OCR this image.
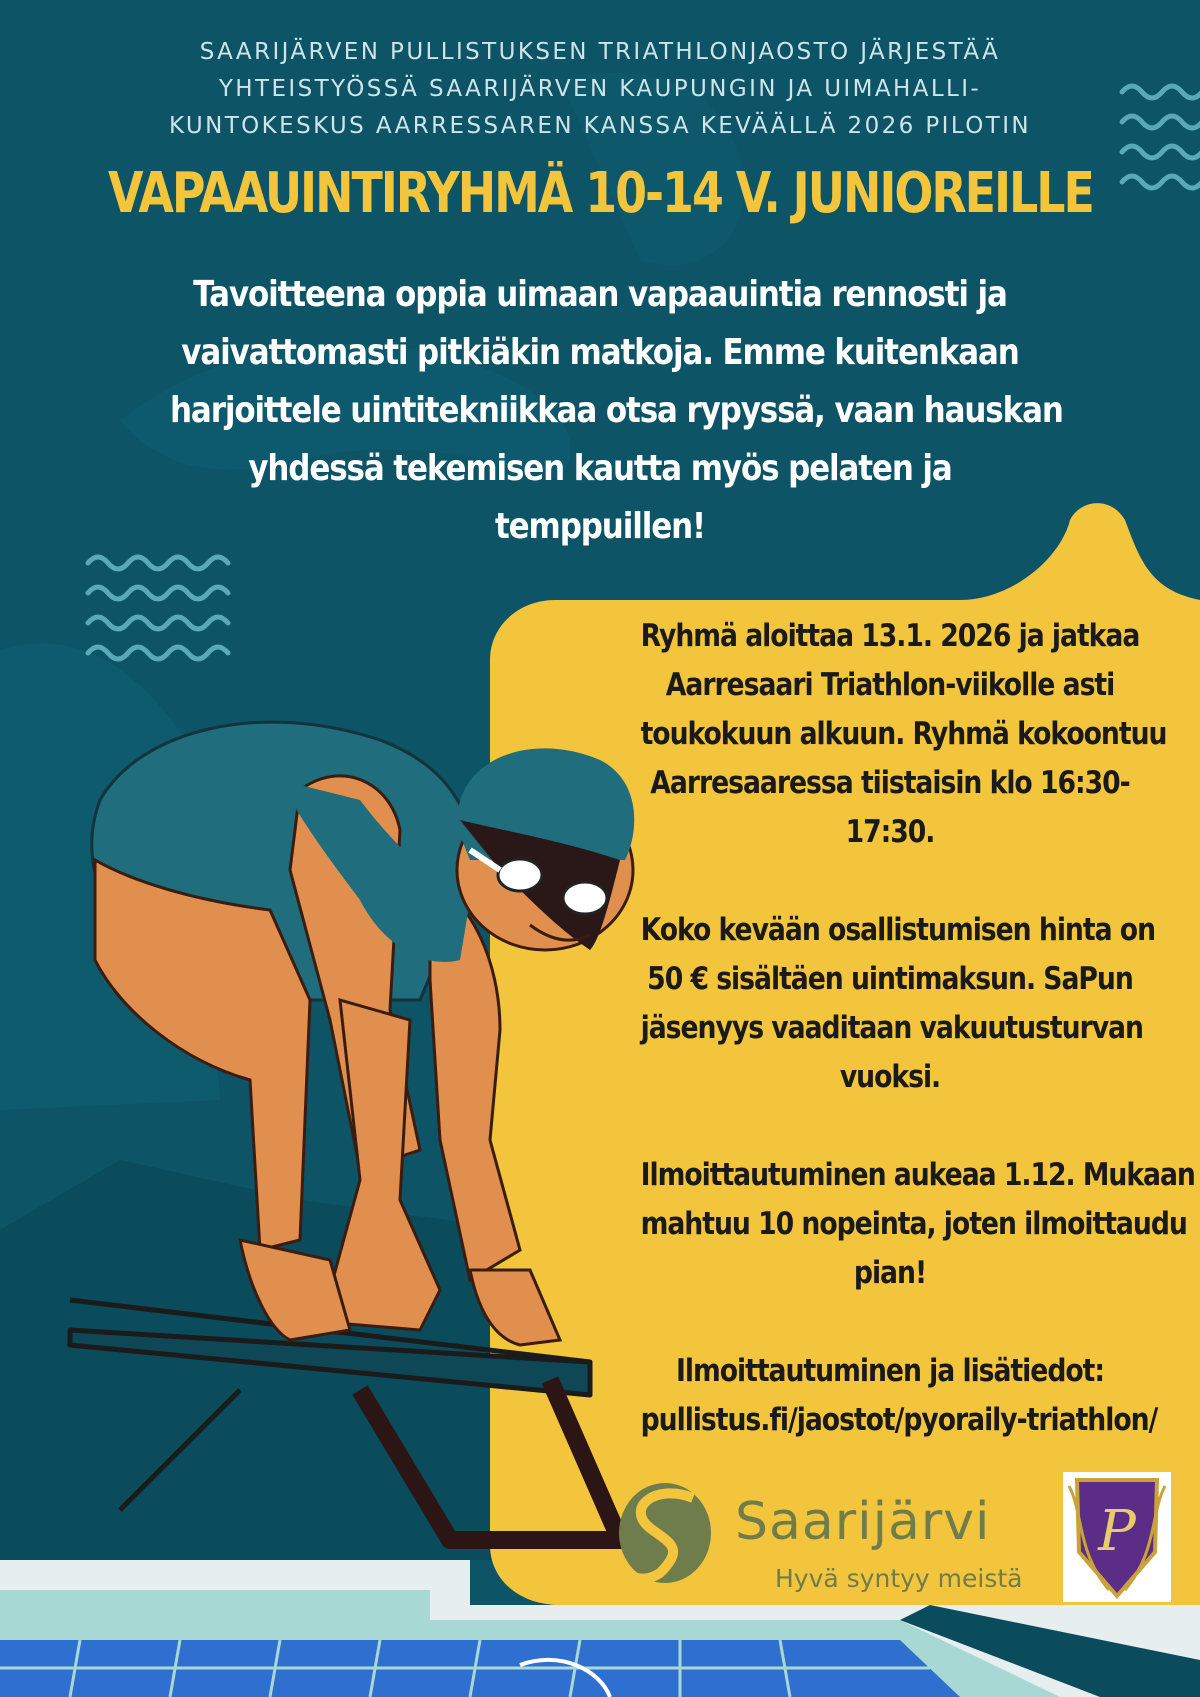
SAARIJÄRVEN PULLISTUKSEN TRIATHLONJAOSTO JÄRJESTÄÄ
YHTEISTYÖSSÄ SAARIJÄRVEN KAUPUNGIN JA UIMAHALLI-
KUNTOKESKUS AARRESSAREN KANSSA KEVÄÄLLÄ 2026 PILOTIN
VAPAAUINTIRYHMÄ 10-14 V. JUNIOREILLE
Tavoitteena oppia uimaan vapaauintia rennosti ja
vaivattomasti pitkiäkin matkoja. Emme kuitenkaan
harjoittele uintitekniikkaa otsa rypyssä, vaan hauskan
yhdessä tekemisen kautta myös pelaten ja
temppuillen!

Ryhmä aloittaa 13.1. 2026 ja jatkaa
Aarresaari Triathlon-viikolle asti
toukokuun alkuun. Ryhmä kokoontuu
Aarresaaressa tiistaisin klo 16:30-
17:30.

Koko kevään osallistumisen hinta on
50 € sisältäen uintimaksun. SaPun
jäsenyys vaaditaan vakuutusturvan
vuoksi.

Ilmoittautuminen aukeaa 1.12. Mukaan
mahtuu 10 nopeinta, joten ilmoittaudu
pian!

Ilmoittautuminen ja lisätiedot:
pullistus.fi/jaostot/pyoraily-triathlon/

Saarijärvi
Hyvä syntyy meistä
P
